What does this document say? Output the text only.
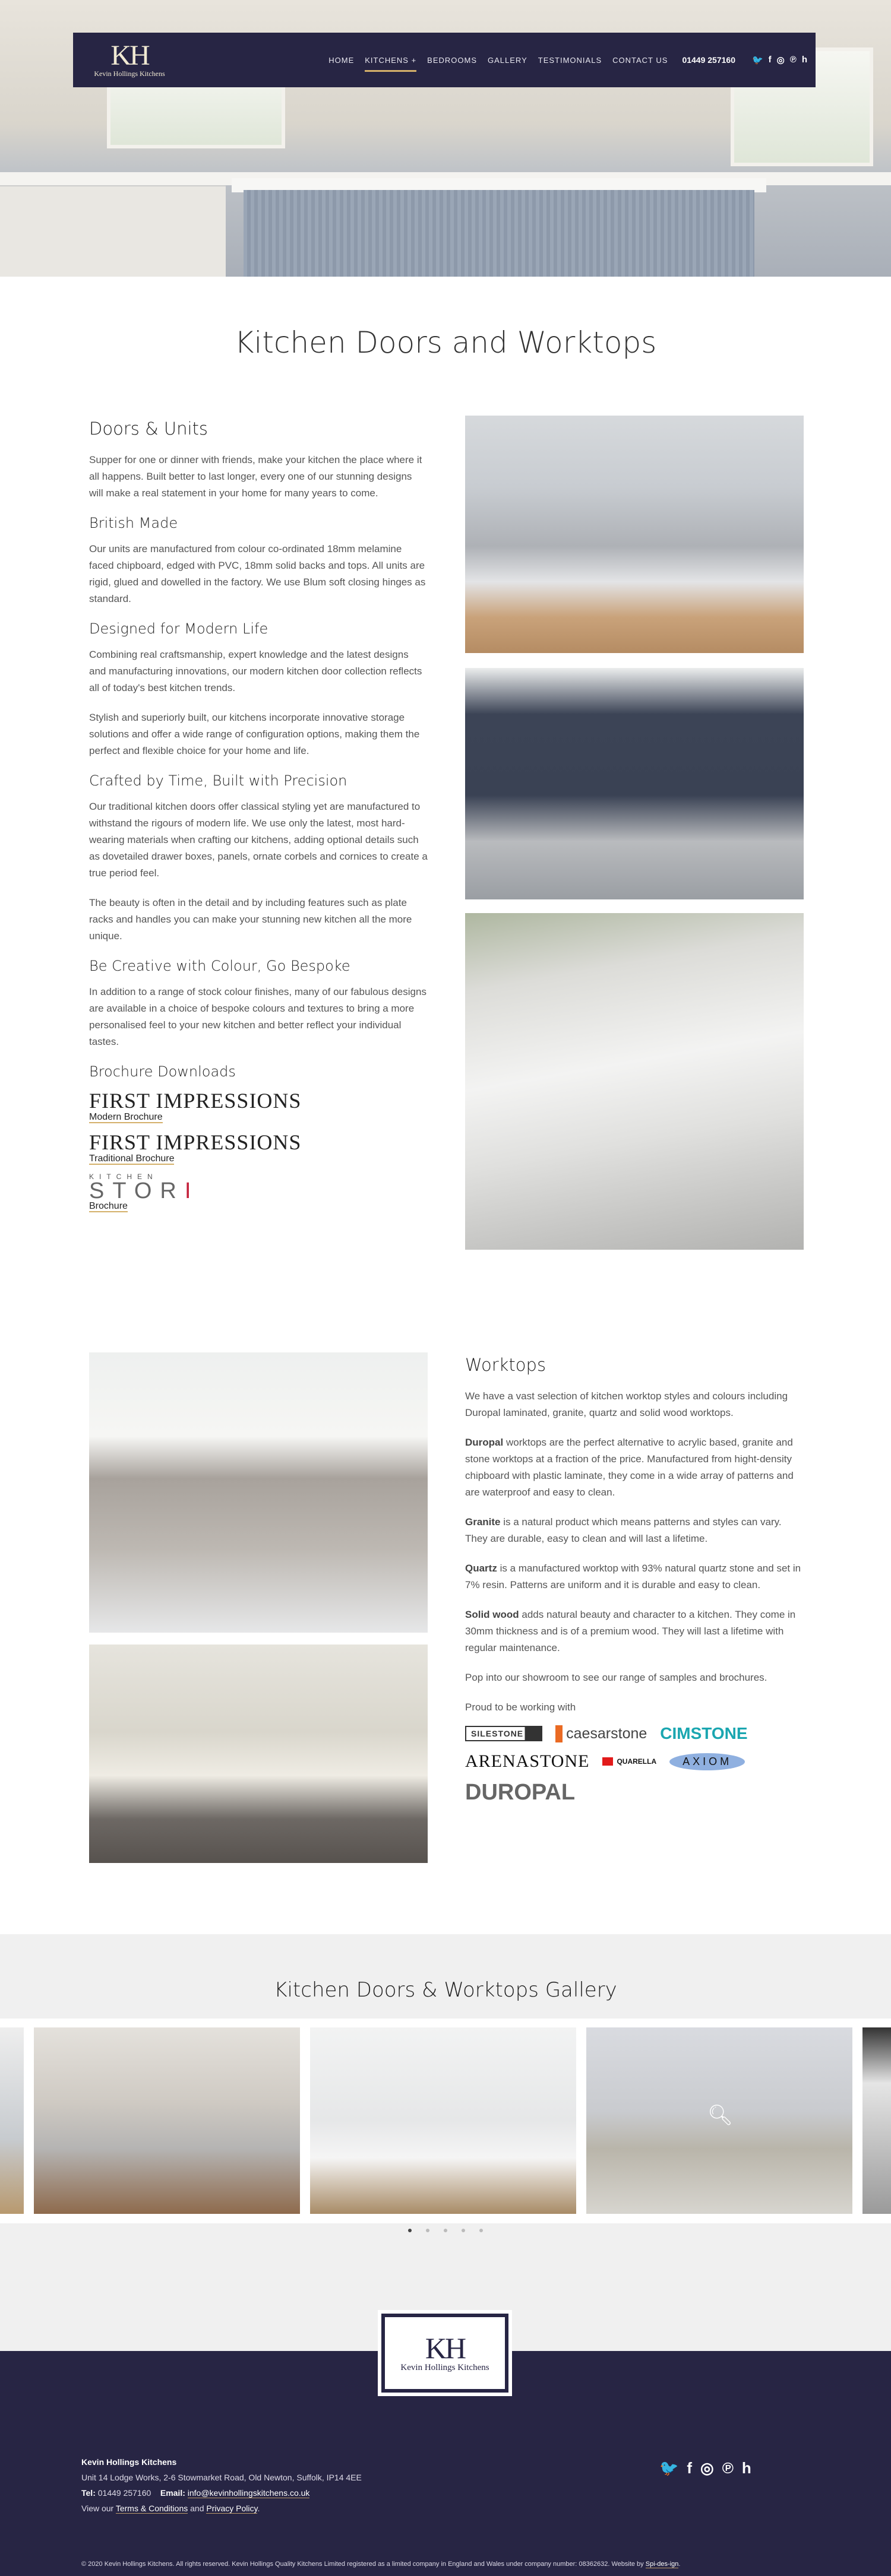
KH
Kevin Hollings Kitchens
HOME KITCHENS + BEDROOMS GALLERY TESTIMONIALS CONTACT US 01449 257160 🐦 f ◎ ℗ h
Kitchen Doors and Worktops
Doors & Units

Supper for one or dinner with friends, make your kitchen the place where it all happens. Built better to last longer, every one of our stunning designs will make a real statement in your home for many years to come.

British Made

Our units are manufactured from colour co-ordinated 18mm melamine faced chipboard, edged with PVC, 18mm solid backs and tops. All units are rigid, glued and dowelled in the factory. We use Blum soft closing hinges as standard.

Designed for Modern Life

Combining real craftsmanship, expert knowledge and the latest designs and manufacturing innovations, our modern kitchen door collection reflects all of today's best kitchen trends.

Stylish and superiorly built, our kitchens incorporate innovative storage solutions and offer a wide range of configuration options, making them the perfect and flexible choice for your home and life.

Crafted by Time, Built with Precision

Our traditional kitchen doors offer classical styling yet are manufactured to withstand the rigours of modern life. We use only the latest, most hard-wearing materials when crafting our kitchens, adding optional details such as dovetailed drawer boxes, panels, ornate corbels and cornices to create a true period feel.

The beauty is often in the detail and by including features such as plate racks and handles you can make your stunning new kitchen all the more unique.

Be Creative with Colour, Go Bespoke

In addition to a range of stock colour finishes, many of our fabulous designs are available in a choice of bespoke colours and textures to bring a more personalised feel to your new kitchen and better reflect your individual tastes.

Brochure Downloads
FIRST IMPRESSIONS
Modern Brochure
FIRST IMPRESSIONS
Traditional Brochure
KITCHEN
STORI
Brochure
Worktops

We have a vast selection of kitchen worktop styles and colours including Duropal laminated, granite, quartz and solid wood worktops.

Duropal worktops are the perfect alternative to acrylic based, granite and stone worktops at a fraction of the price. Manufactured from hight-density chipboard with plastic laminate, they come in a wide array of patterns and are waterproof and easy to clean.

Granite is a natural product which means patterns and styles can vary. They are durable, easy to clean and will last a lifetime.

Quartz is a manufactured worktop with 93% natural quartz stone and set in 7% resin. Patterns are uniform and it is durable and easy to clean.

Solid wood adds natural beauty and character to a kitchen. They come in 30mm thickness and is of a premium wood. They will last a lifetime with regular maintenance.

Pop into our showroom to see our range of samples and brochures.

Proud to be working with

SILESTONE	caesarstone CIMSTONE
ARENASTONE	QUARELLA	AXIOM
DUROPAL
Kitchen Doors & Worktops Gallery
🔍︎
KH
Kevin Hollings Kitchens
Kevin Hollings Kitchens
Unit 14 Lodge Works, 2-6 Stowmarket Road, Old Newton, Suffolk, IP14 4EE
Tel: 01449 257160 Email: info@kevinhollingskitchens.co.uk
View our Terms & Conditions and Privacy Policy.
🐦 f ◎ ℗ h
© 2020 Kevin Hollings Kitchens. All rights reserved. Kevin Hollings Quality Kitchens Limited registered as a limited company in England and Wales under company number: 08362632. Website by Spi-des-ign.
